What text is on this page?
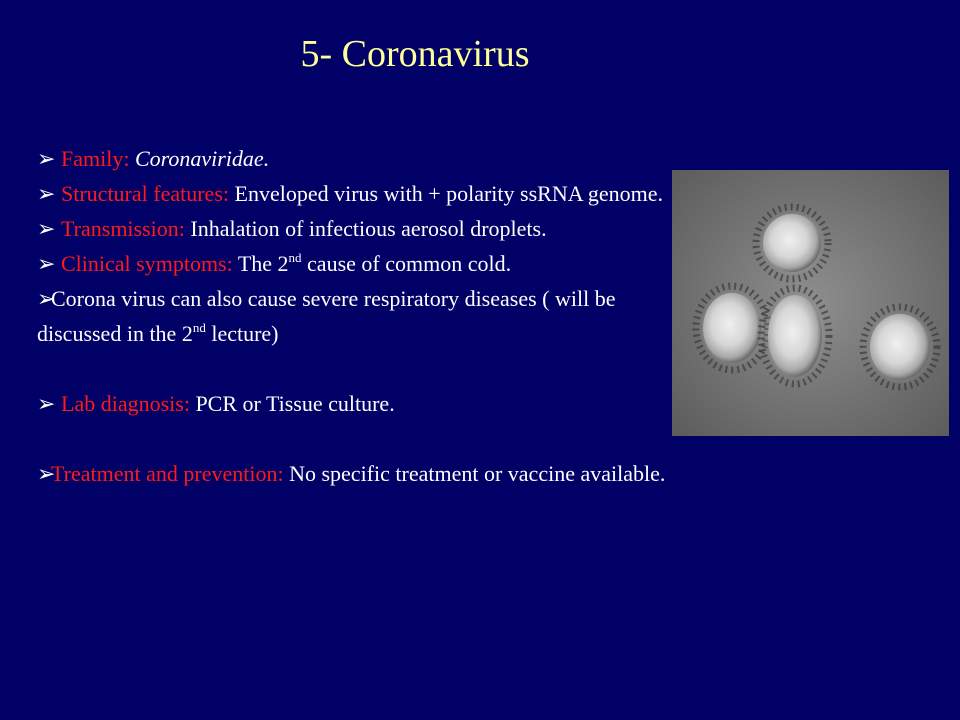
5- Coronavirus

➢ Family: Coronaviridae.

➢ Structural features: Enveloped virus with + polarity ssRNA genome.

➢ Transmission: Inhalation of infectious aerosol droplets.

➢ Clinical symptoms: The 2nd cause of common cold.

➢Corona virus can also cause severe respiratory diseases ( will be discussed in the 2nd lecture)

➢ Lab diagnosis: PCR or Tissue culture.

➢Treatment and prevention: No specific treatment or vaccine available.
